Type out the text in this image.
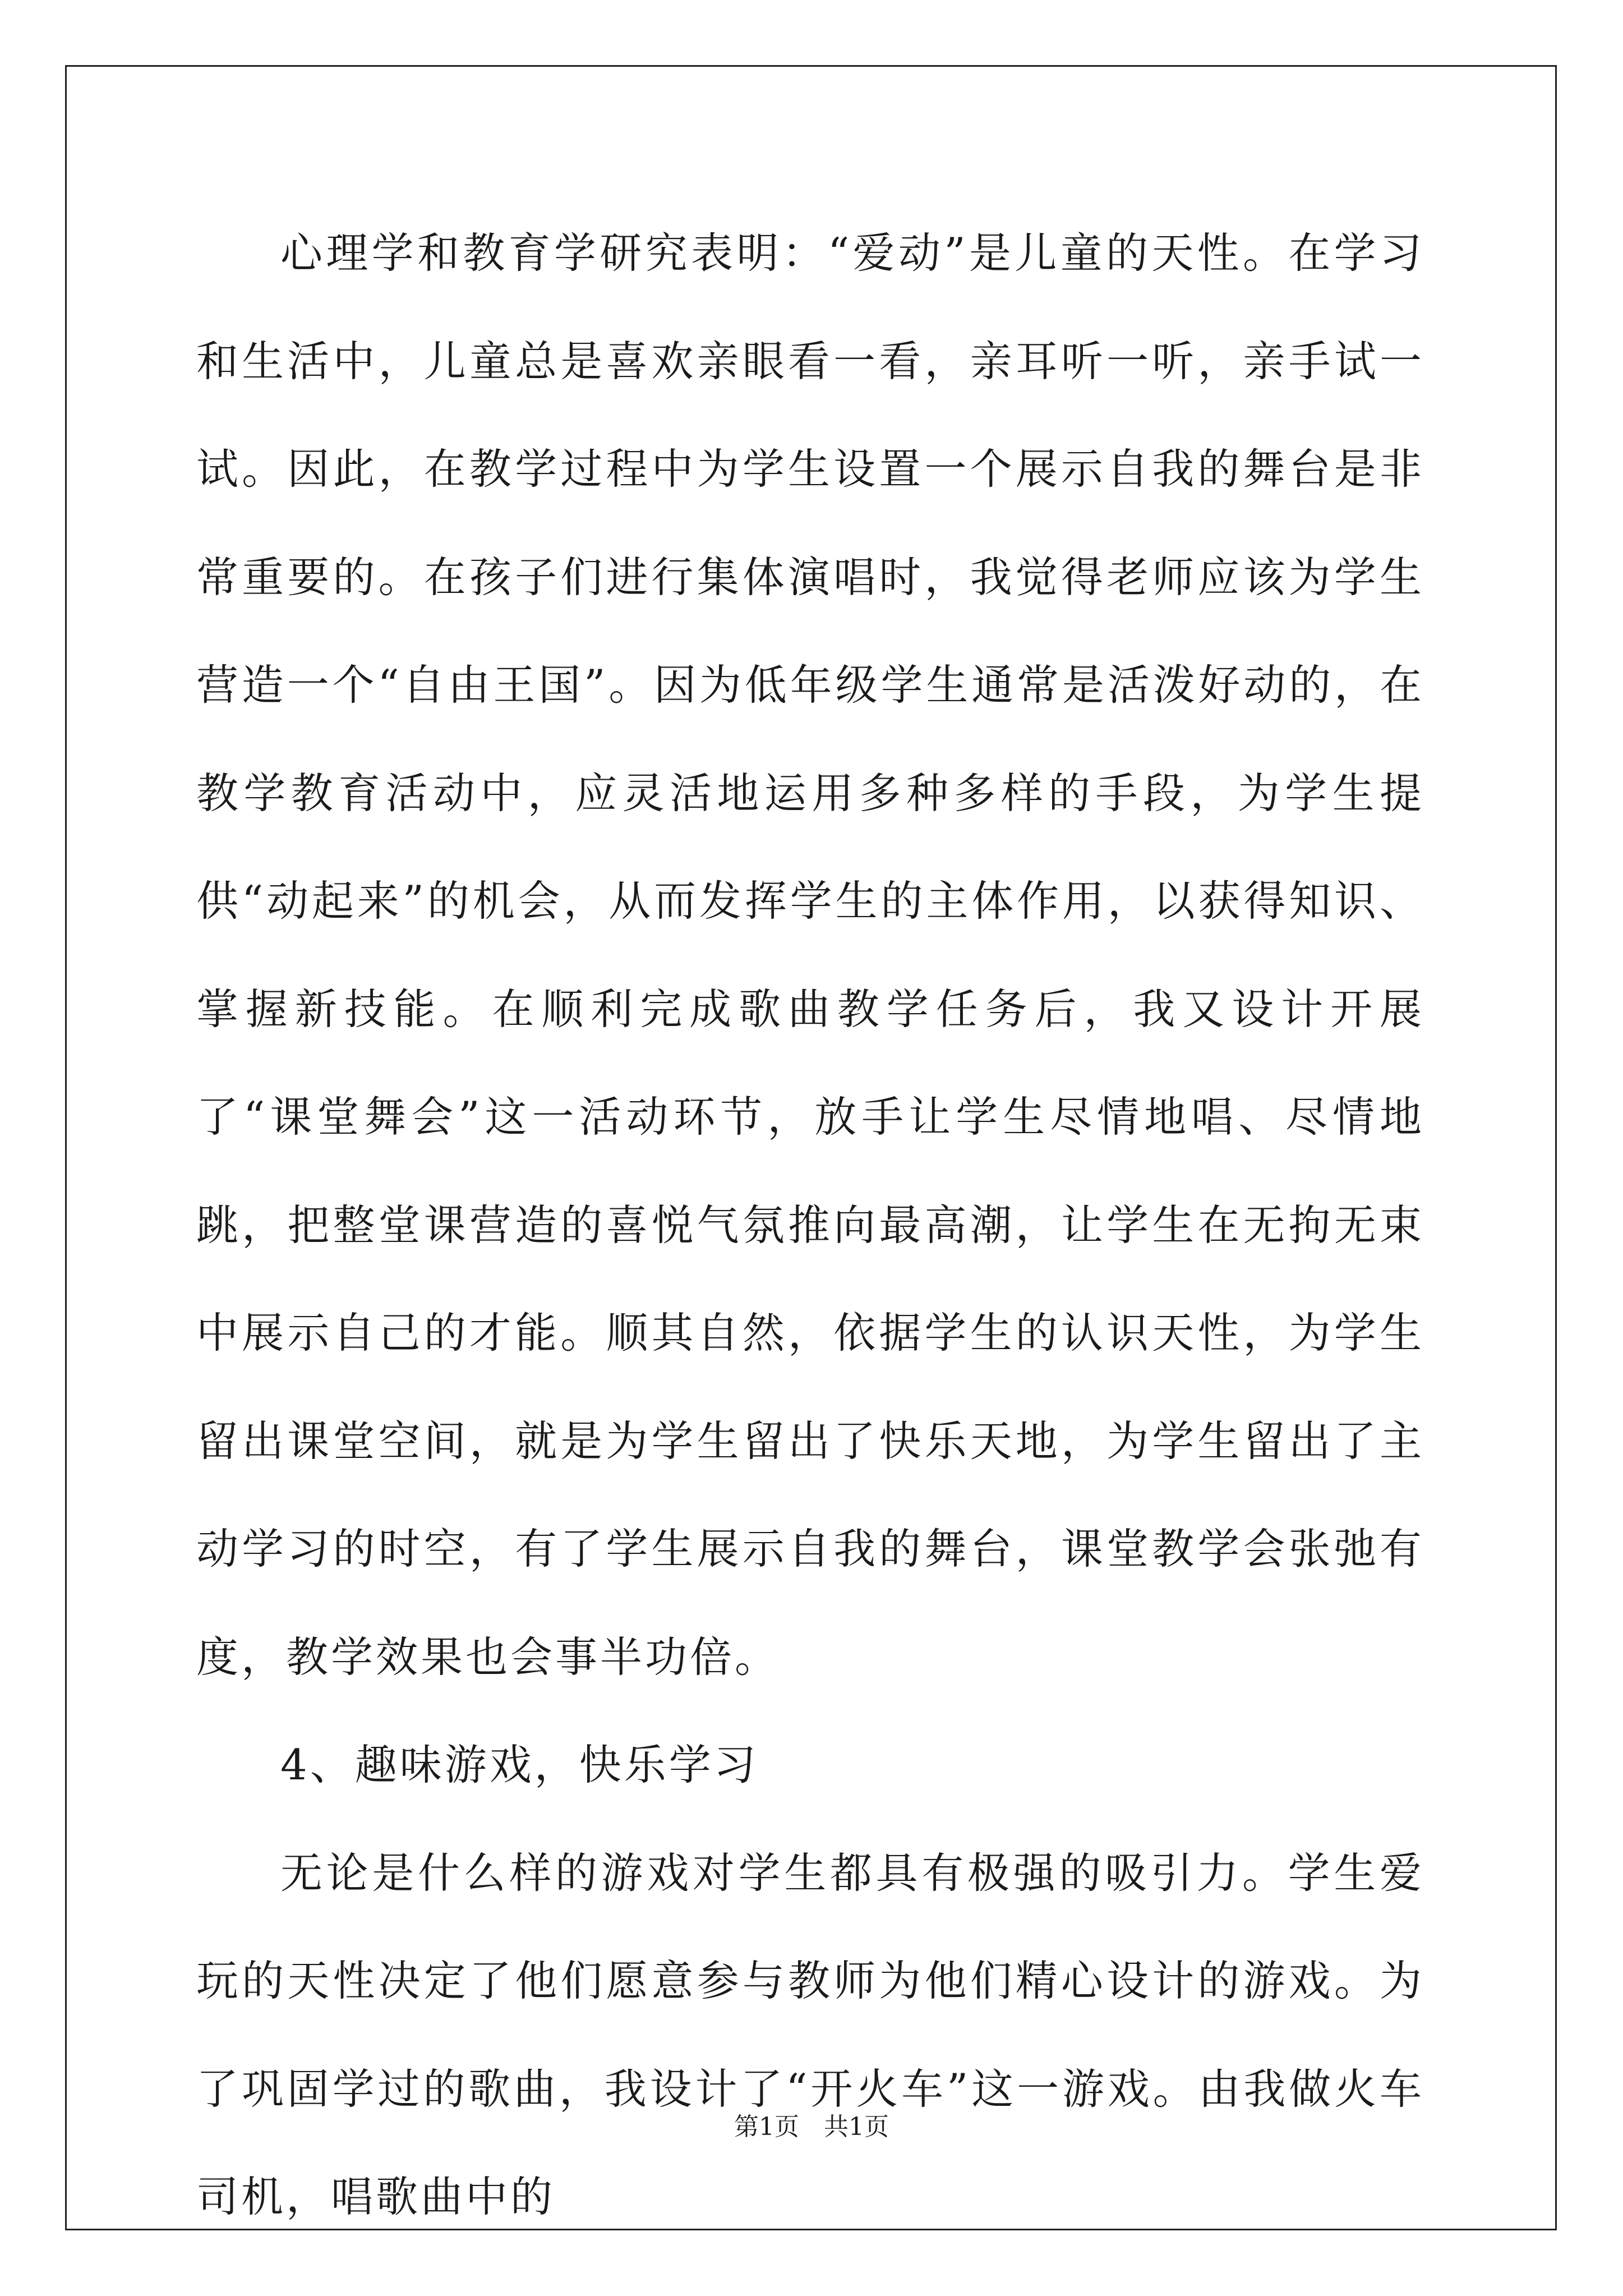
心理学和教育学研究表明：“爱动”是儿童的天性。在学习和生活中，儿童总是喜欢亲眼看一看，亲耳听一听，亲手试一试。因此，在教学过程中为学生设置一个展示自我的舞台是非常重要的。在孩子们进行集体演唱时，我觉得老师应该为学生营造一个“自由王国”。因为低年级学生通常是活泼好动的，在教学教育活动中，应灵活地运用多种多样的手段，为学生提供“动起来”的机会，从而发挥学生的主体作用，以获得知识、掌握新技能。在顺利完成歌曲教学任务后，我又设计开展了“课堂舞会”这一活动环节，放手让学生尽情地唱、尽情地跳，把整堂课营造的喜悦气氛推向最高潮，让学生在无拘无束中展示自己的才能。顺其自然，依据学生的认识天性，为学生留出课堂空间，就是为学生留出了快乐天地，为学生留出了主动学习的时空，有了学生展示自我的舞台，课堂教学会张弛有度，教学效果也会事半功倍。

4、趣味游戏，快乐学习

无论是什么样的游戏对学生都具有极强的吸引力。学生爱玩的天性决定了他们愿意参与教师为他们精心设计的游戏。为了巩固学过的歌曲，我设计了“开火车”这一游戏。由我做火车司机，唱歌曲中的

第1页　共1页
